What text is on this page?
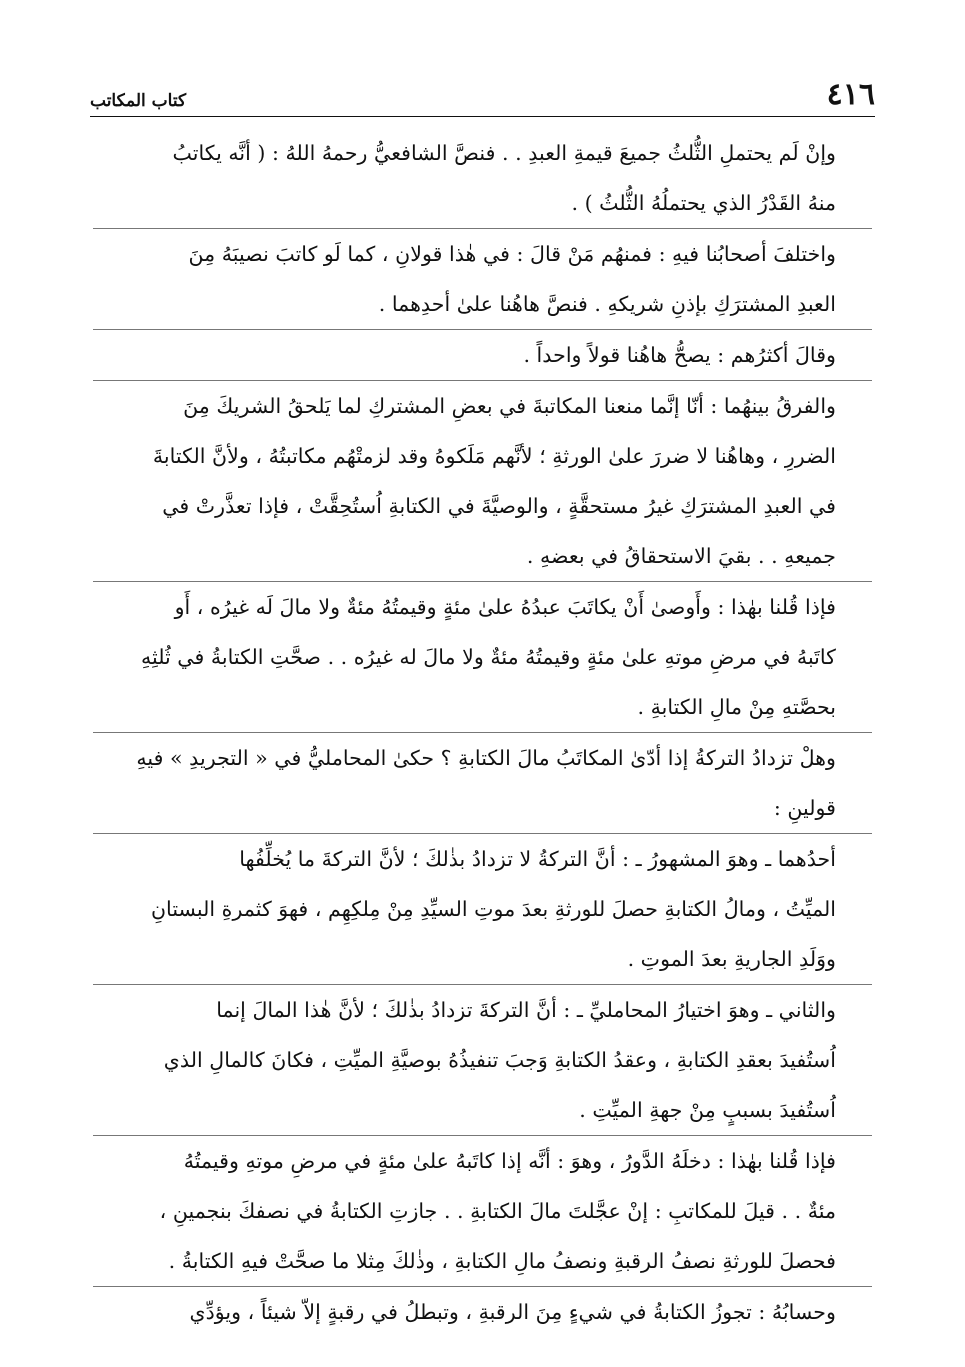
٤١٦
كتاب المكاتب
وإنْ لَم يحتملِ الثُّلثُ جميعَ قيمةِ العبدِ . . فنصَّ الشافعيُّ رحمهُ اللهُ : ( أنَّه يكاتبُ
منهُ القَدْرُ الذي يحتملُهُ الثُّلثُ ) .
واختلفَ أصحابُنا فيهِ : فمنهُم مَنْ قالَ : في هٰذا قولانِ ، كما لَو كاتبَ نصيبَهُ مِنَ
العبدِ المشترَكِ بإذنِ شريكهِ . فنصَّ هاهُنا علىٰ أحدِهما .
وقالَ أكثرُهم : يصحُّ هاهُنا قولاً واحداً .
والفرقُ بينهُما : أنّا إنَّما منعنا المكاتبةَ في بعضِ المشتركِ لما يَلحقُ الشريكَ مِنَ
الضررِ ، وهاهُنا لا ضررَ علىٰ الورثةِ ؛ لأنَّهم مَلَكوهُ وقد لزمتْهُم مكاتبتُهُ ، ولأنَّ الكتابةَ
في العبدِ المشترَكِ غيرُ مستحقَّةٍ ، والوصيَّةَ في الكتابةِ اُستُحِقَّتْ ، فإذا تعذَّرتْ في
جميعهِ . . بقيَ الاستحقاقُ في بعضهِ .
فإذا قُلنا بهٰذا : وأَوصىٰ أَنْ يكاتَبَ عبدُهُ علىٰ مئةٍ وقيمتُهُ مئةٌ ولا مالَ لَه غيرُه ، أَو
كاتَبهُ في مرضِ موتهِ علىٰ مئةٍ وقيمتُهُ مئةٌ ولا مالَ له غيرُه . . صحَّتِ الكتابةُ في ثُلثِهِ
بحصَّتهِ مِنْ مالِ الكتابةِ .
وهلْ تزدادُ التركةُ إذا أدّىٰ المكاتَبُ مالَ الكتابةِ ؟ حكىٰ المحامليُّ في « التجريدِ » فيهِ
قولينِ :
أحدُهما ـ وهوَ المشهورُ ـ : أنَّ التركةُ لا تزدادُ بذٰلكَ ؛ لأنَّ التركةَ ما يُخلِّفُها
الميِّتُ ، ومالُ الكتابةِ حصلَ للورثةِ بعدَ موتِ السيِّدِ مِنْ مِلكِهِم ، فهوَ كثمرةِ البستانِ
ووَلَدِ الجاريةِ بعدَ الموتِ .
والثاني ـ وهوَ اختيارُ المحامليِّ ـ : أنَّ التركةَ تزدادُ بذٰلكَ ؛ لأنَّ هٰذا المالَ إنما
اُستُفيدَ بعقدِ الكتابةِ ، وعقدُ الكتابةِ وَجبَ تنفيذُهُ بوصيَّةِ الميِّتِ ، فكانَ كالمالِ الذي
اُستُفيدَ بسببٍ مِنْ جهةِ الميِّتِ .
فإذا قُلنا بهٰذا : دخلَهُ الدَّورُ ، وهوَ : أنَّه إذا كاتَبهُ علىٰ مئةٍ في مرضِ موتهِ وقيمتُهُ
مئةٌ . . قيلَ للمكاتبِ : إنْ عجَّلتَ مالَ الكتابةِ . . جازتِ الكتابةُ في نصفكَ بنجمينِ ،
فحصلَ للورثةِ نصفُ الرقبةِ ونصفُ مالِ الكتابةِ ، وذٰلكَ مِثلا ما صحَّتْ فيهِ الكتابةُ .
وحسابُهُ : تجوزُ الكتابةُ في شيءٍ مِنَ الرقبةِ ، وتبطلُ في رقبةٍ إلاّ شيئاً ، ويؤدِّي
